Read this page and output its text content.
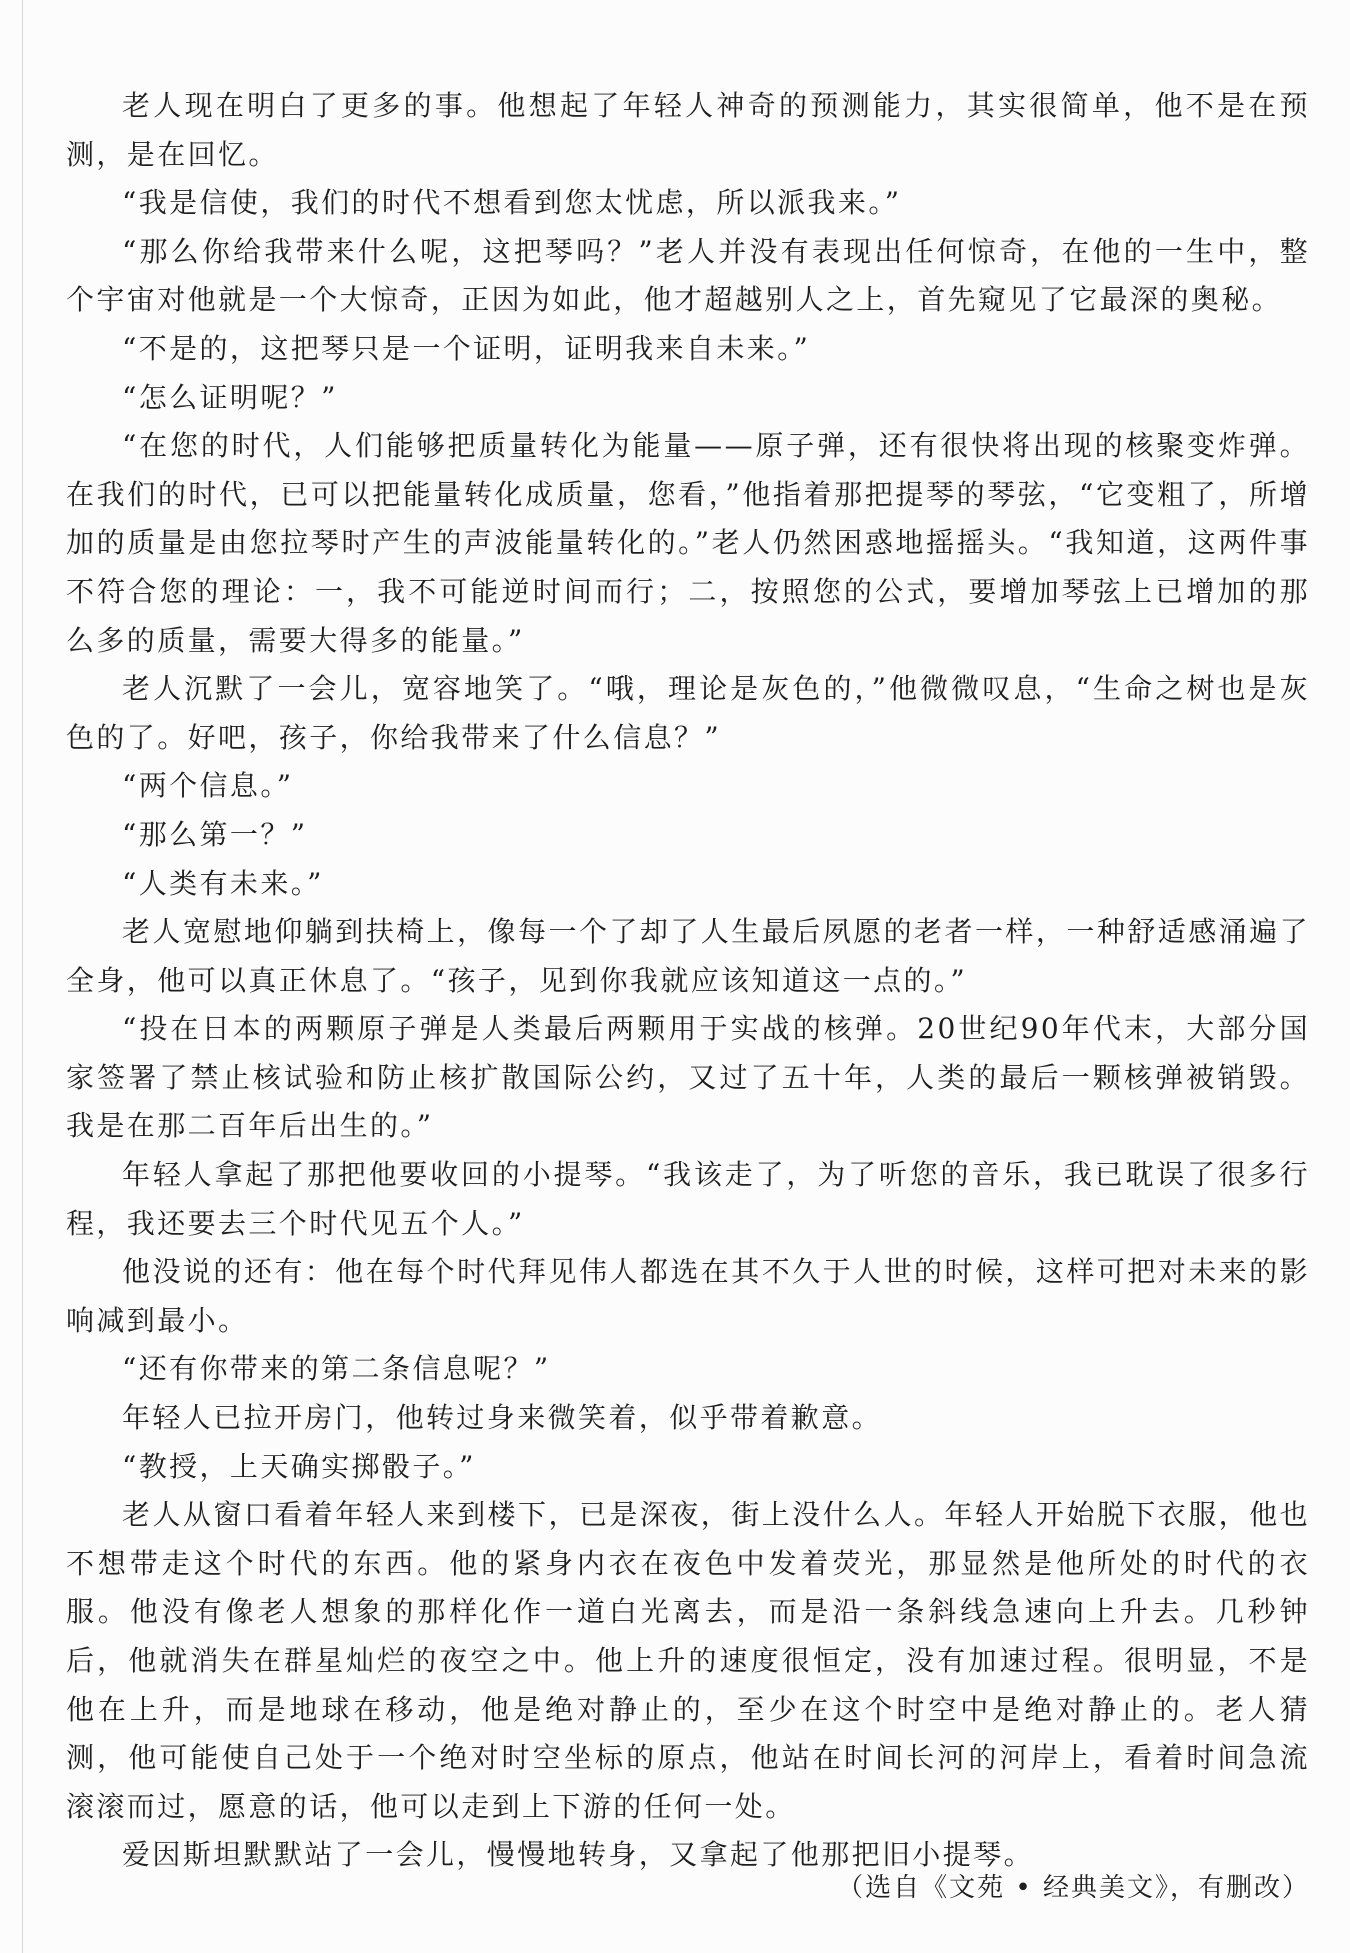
老人现在明白了更多的事。他想起了年轻人神奇的预测能力，其实很简单，他不是在预测，是在回忆。

“我是信使，我们的时代不想看到您太忧虑，所以派我来。”

“那么你给我带来什么呢，这把琴吗？”老人并没有表现出任何惊奇，在他的一生中，整个宇宙对他就是一个大惊奇，正因为如此，他才超越别人之上，首先窥见了它最深的奥秘。

“不是的，这把琴只是一个证明，证明我来自未来。”

“怎么证明呢？”

“在您的时代，人们能够把质量转化为能量——原子弹，还有很快将出现的核聚变炸弹。在我们的时代，已可以把能量转化成质量，您看，”他指着那把提琴的琴弦，“它变粗了，所增加的质量是由您拉琴时产生的声波能量转化的。”老人仍然困惑地摇摇头。“我知道，这两件事不符合您的理论：一，我不可能逆时间而行；二，按照您的公式，要增加琴弦上已增加的那么多的质量，需要大得多的能量。”

老人沉默了一会儿，宽容地笑了。“哦，理论是灰色的，”他微微叹息，“生命之树也是灰色的了。好吧，孩子，你给我带来了什么信息？”

“两个信息。”

“那么第一？”

“人类有未来。”

老人宽慰地仰躺到扶椅上，像每一个了却了人生最后夙愿的老者一样，一种舒适感涌遍了全身，他可以真正休息了。“孩子，见到你我就应该知道这一点的。”

“投在日本的两颗原子弹是人类最后两颗用于实战的核弹。20世纪90年代末，大部分国家签署了禁止核试验和防止核扩散国际公约，又过了五十年，人类的最后一颗核弹被销毁。我是在那二百年后出生的。”

年轻人拿起了那把他要收回的小提琴。“我该走了，为了听您的音乐，我已耽误了很多行程，我还要去三个时代见五个人。”

他没说的还有：他在每个时代拜见伟人都选在其不久于人世的时候，这样可把对未来的影响减到最小。

“还有你带来的第二条信息呢？”

年轻人已拉开房门，他转过身来微笑着，似乎带着歉意。

“教授，上天确实掷骰子。”

老人从窗口看着年轻人来到楼下，已是深夜，街上没什么人。年轻人开始脱下衣服，他也不想带走这个时代的东西。他的紧身内衣在夜色中发着荧光，那显然是他所处的时代的衣服。他没有像老人想象的那样化作一道白光离去，而是沿一条斜线急速向上升去。几秒钟后，他就消失在群星灿烂的夜空之中。他上升的速度很恒定，没有加速过程。很明显，不是他在上升，而是地球在移动，他是绝对静止的，至少在这个时空中是绝对静止的。老人猜测，他可能使自己处于一个绝对时空坐标的原点，他站在时间长河的河岸上，看着时间急流滚滚而过，愿意的话，他可以走到上下游的任何一处。

爱因斯坦默默站了一会儿，慢慢地转身，又拿起了他那把旧小提琴。

（选自《文苑 • 经典美文》，有删改）
